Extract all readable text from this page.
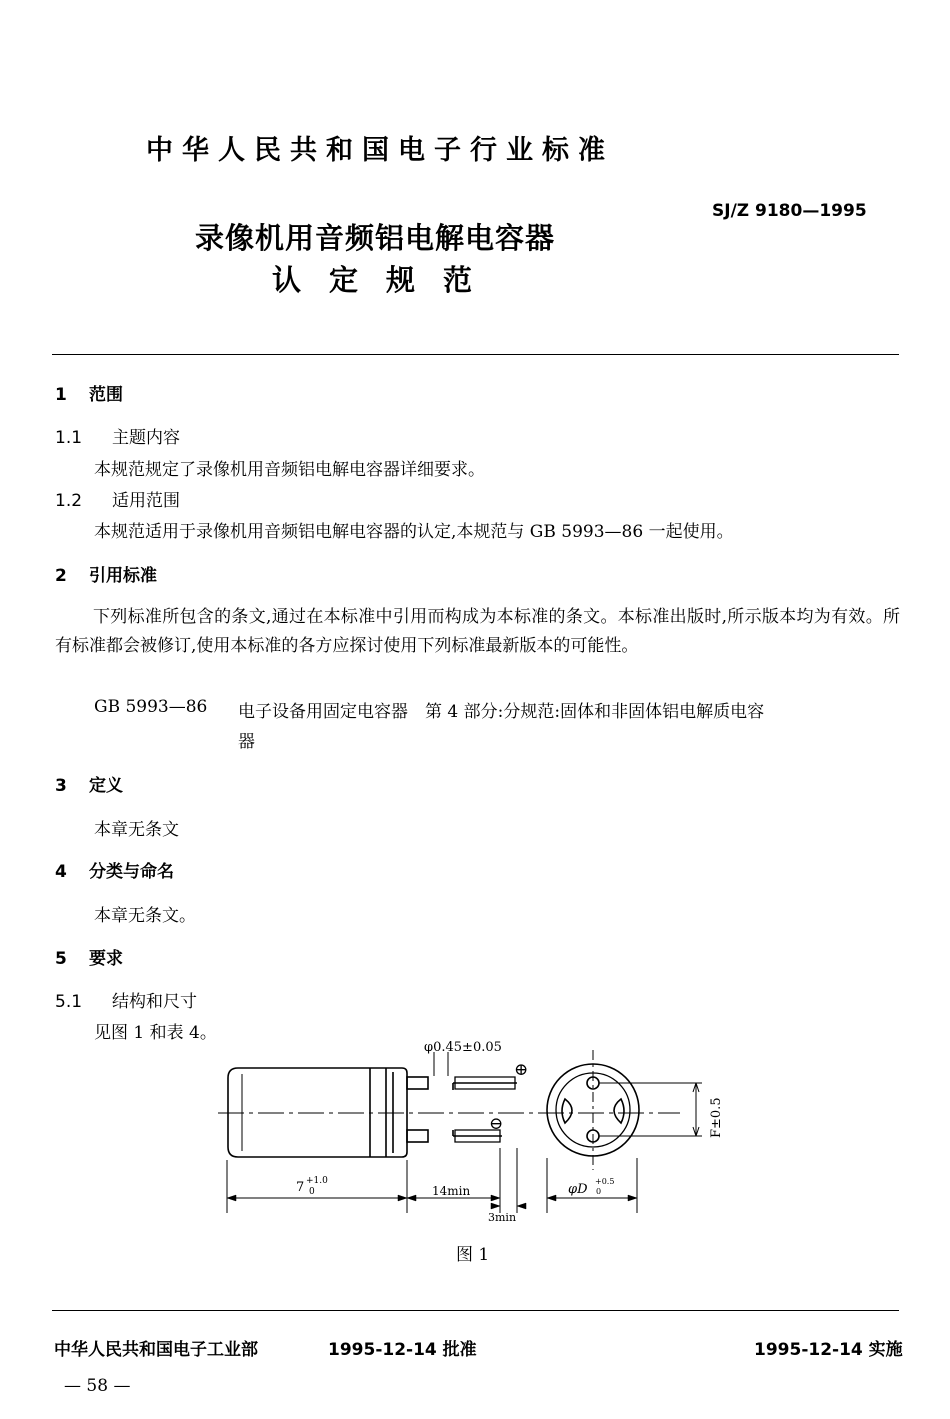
中华人民共和国电子行业标准
SJ/Z 9180—1995
录像机用音频铝电解电容器
认定规范
1 范围
1.1 主题内容
本规范规定了录像机用音频铝电解电容器详细要求。
1.2 适用范围
本规范适用于录像机用音频铝电解电容器的认定,本规范与 GB 5993—86 一起使用。
2 引用标准
下列标准所包含的条文,通过在本标准中引用而构成为本标准的条文。本标准出版时,所示版本均为有效。所有标准都会被修订,使用本标准的各方应探讨使用下列标准最新版本的可能性。
GB 5993—86 电子设备用固定电容器　第 4 部分:分规范:固体和非固体铝电解质电容
器
3 定义
本章无条文
4 分类与命名
本章无条文。
5 要求
5.1 结构和尺寸
见图 1 和表 4。
φ0.45±0.05
⊕
⊖
7 +1.0
0	14min
3min
φD
+0.5
0
F±0.5
图 1
中华人民共和国电子工业部	1995-12-14 批准	1995-12-14 实施
— 58 —
